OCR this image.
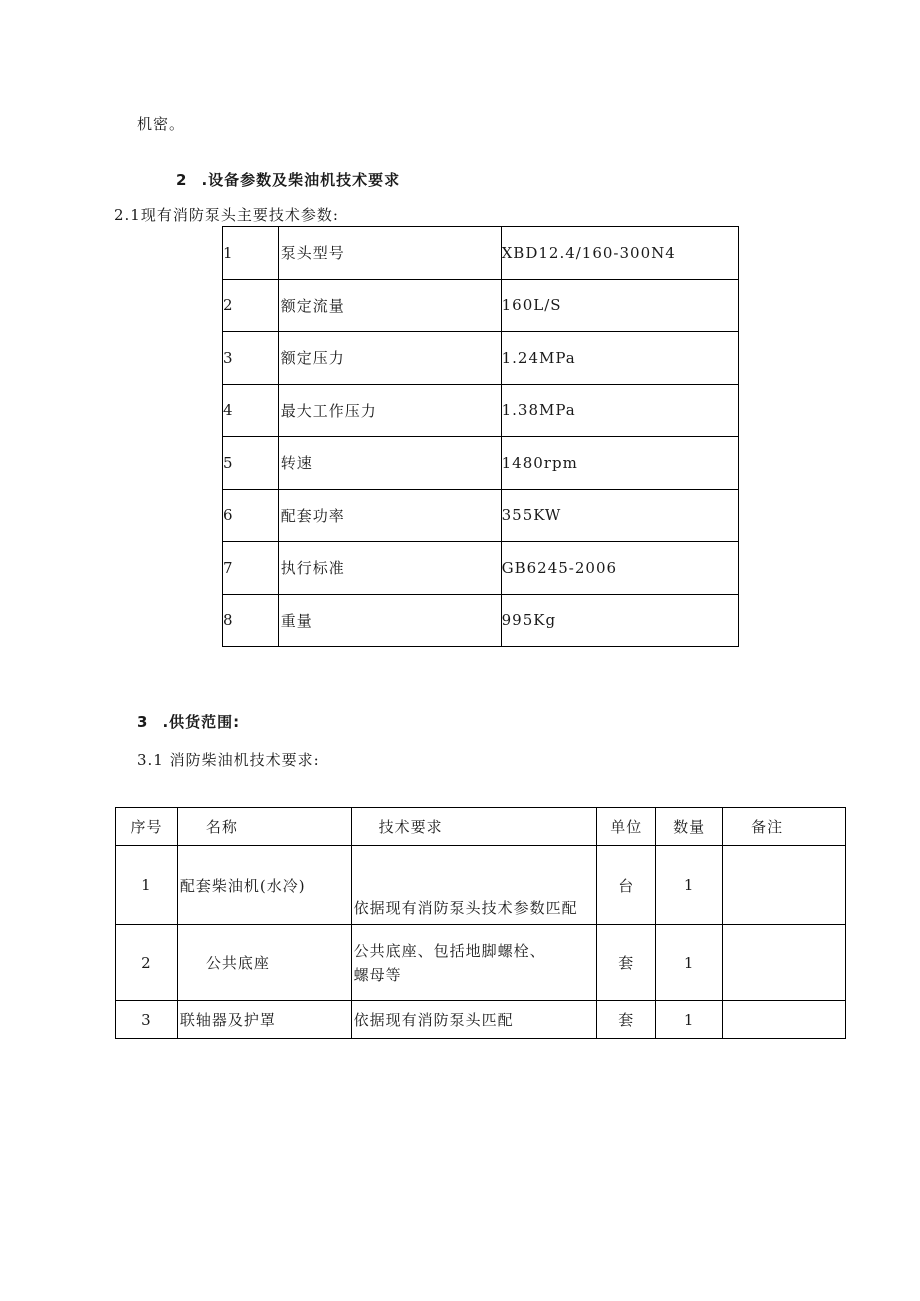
机密。
2 .设备参数及柴油机技术要求
2.1现有消防泵头主要技术参数:
1	泵头型号	XBD12.4/160-300N4
2	额定流量	160L/S
3	额定压力	1.24MPa
4	最大工作压力	1.38MPa
5	转速	1480rpm
6	配套功率	355KW
7	执行标准	GB6245-2006
8	重量	995Kg
3 .供货范围:
3.1 消防柴油机技术要求:
序号	名称	技术要求	单位	数量	备注
1	配套柴油机(水冷)	依据现有消防泵头技术参数匹配	台	1	
2	公共底座	公共底座、包括地脚螺栓、
螺母等	套	1	
3	联轴器及护罩	依据现有消防泵头匹配	套	1	
